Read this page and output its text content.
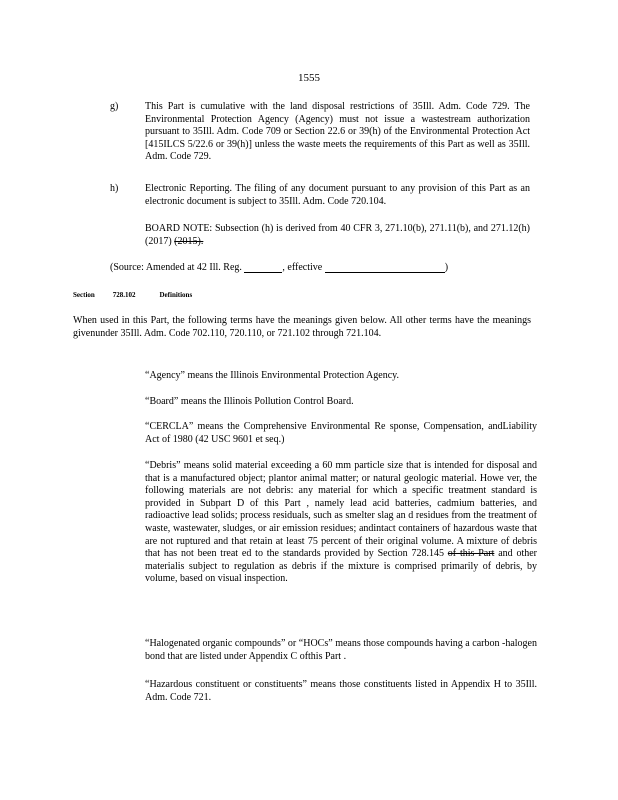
1555
g)	This Part is cumulative with the land disposal restrictions of 35Ill. Adm. Code 729. The Environmental Protection Agency (Agency) must not issue a wastestream authorization pursuant to 35Ill. Adm. Code 709 or Section 22.6 or 39(h) of the Environmental Protection Act [415ILCS 5/22.6 or 39(h)] unless the waste meets the requirements of this Part as well as 35Ill. Adm. Code 729.
h)	Electronic Reporting. The filing of any document pursuant to any provision of this Part as an electronic document is subject to 35Ill. Adm. Code 720.104.
BOARD NOTE: Subsection (h) is derived from 40 CFR 3, 271.10(b), 271.11(b), and 271.12(h) (2017) (2015).
(Source: Amended at 42 Ill. Reg.	, effective	)
Section	728.102	Definitions
When used in this Part, the following terms have the meanings given below. All other terms have the meanings givenunder 35Ill. Adm. Code 702.110, 720.110, or 721.102 through 721.104.
“Agency” means the Illinois Environmental Protection Agency.
“Board” means the Illinois Pollution Control Board.
“CERCLA” means the Comprehensive Environmental Re sponse, Compensation, andLiability Act of 1980 (42 USC 9601 et seq.)
“Debris” means solid material exceeding a 60 mm particle size that is intended for disposal and that is a manufactured object; plantor animal matter; or natural geologic material. Howe ver, the following materials are not debris: any material for which a specific treatment standard is provided in Subpart D of this Part , namely lead acid batteries, cadmium batteries, and radioactive lead solids; process residuals, such as smelter slag an d residues from the treatment of waste, wastewater, sludges, or air emission residues; andintact containers of hazardous waste that are not ruptured and that retain at least 75 percent of their original volume. A mixture of debris that has not been treat ed to the standards provided by Section 728.145 of this Part and other materialis subject to regulation as debris if the mixture is comprised primarily of debris, by volume, based on visual inspection.
“Halogenated organic compounds” or “HOCs” means those compounds having a carbon -halogen bond that are listed under Appendix C ofthis Part .
“Hazardous constituent or constituents” means those constituents listed in Appendix H to 35Ill. Adm. Code 721.
